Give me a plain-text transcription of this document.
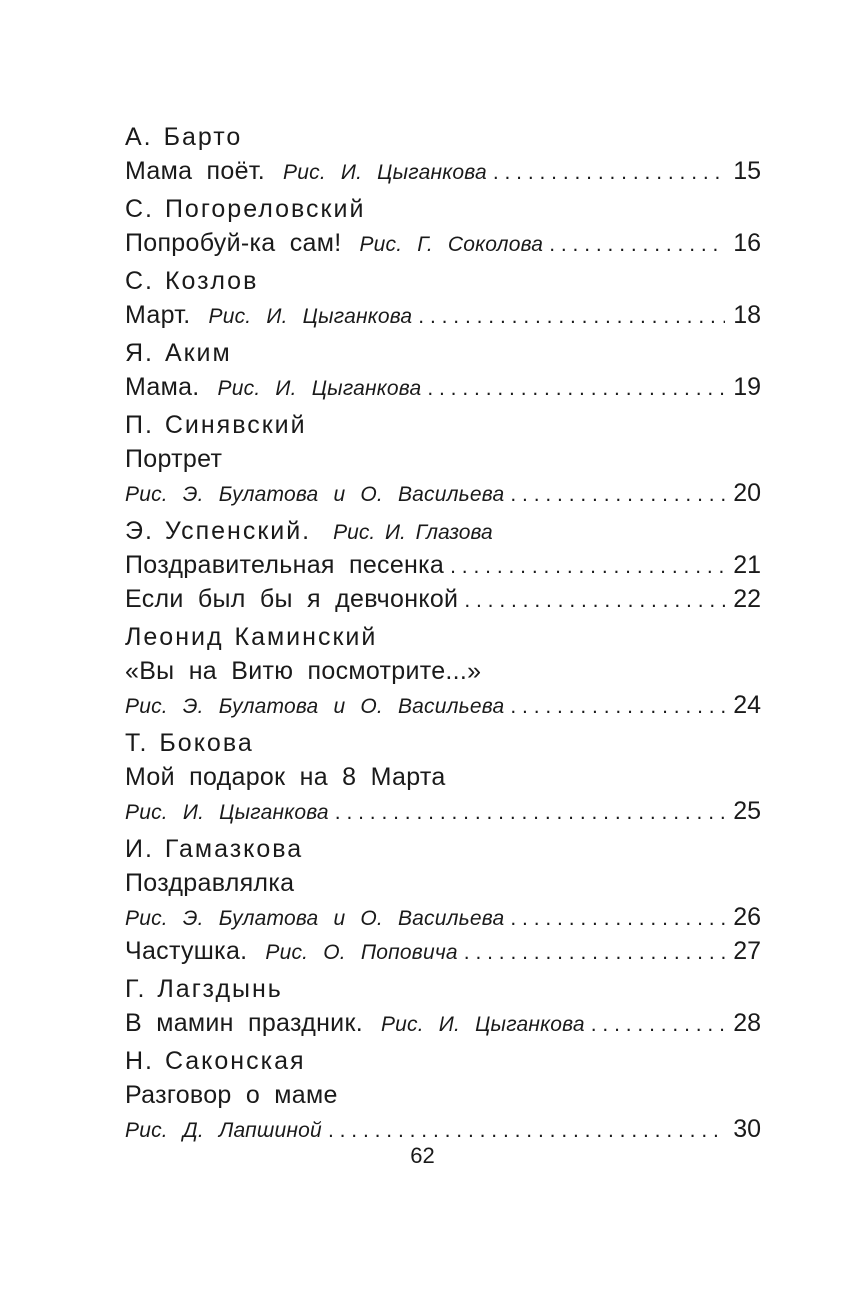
А. Барто
Мама поёт. Рис. И. Цыганкова . . .	15
С. Погореловский
Попробуй-ка сам! Рис. Г. Соколова . . .	16
С. Козлов
Март. Рис. И. Цыганкова . . .	18
Я. Аким
Мама. Рис. И. Цыганкова . . .	19
П. Синявский
Портрет
Рис. Э. Булатова и О. Васильева . . .	20
Э. Успенский. Рис. И. Глазова
Поздравительная песенка . . .	21
Если был бы я девчонкой . . .	22
Леонид Каминский
«Вы на Витю посмотрите...»
Рис. Э. Булатова и О. Васильева . . .	24
Т. Бокова
Мой подарок на 8 Марта
Рис. И. Цыганкова . . .	25
И. Гамазкова
Поздравлялка
Рис. Э. Булатова и О. Васильева . . .	26
Частушка. Рис. О. Поповича . . .	27
Г. Лагздынь
В мамин праздник. Рис. И. Цыганкова . . .	28
Н. Саконская
Разговор о маме
Рис. Д. Лапшиной . . .	30
62
